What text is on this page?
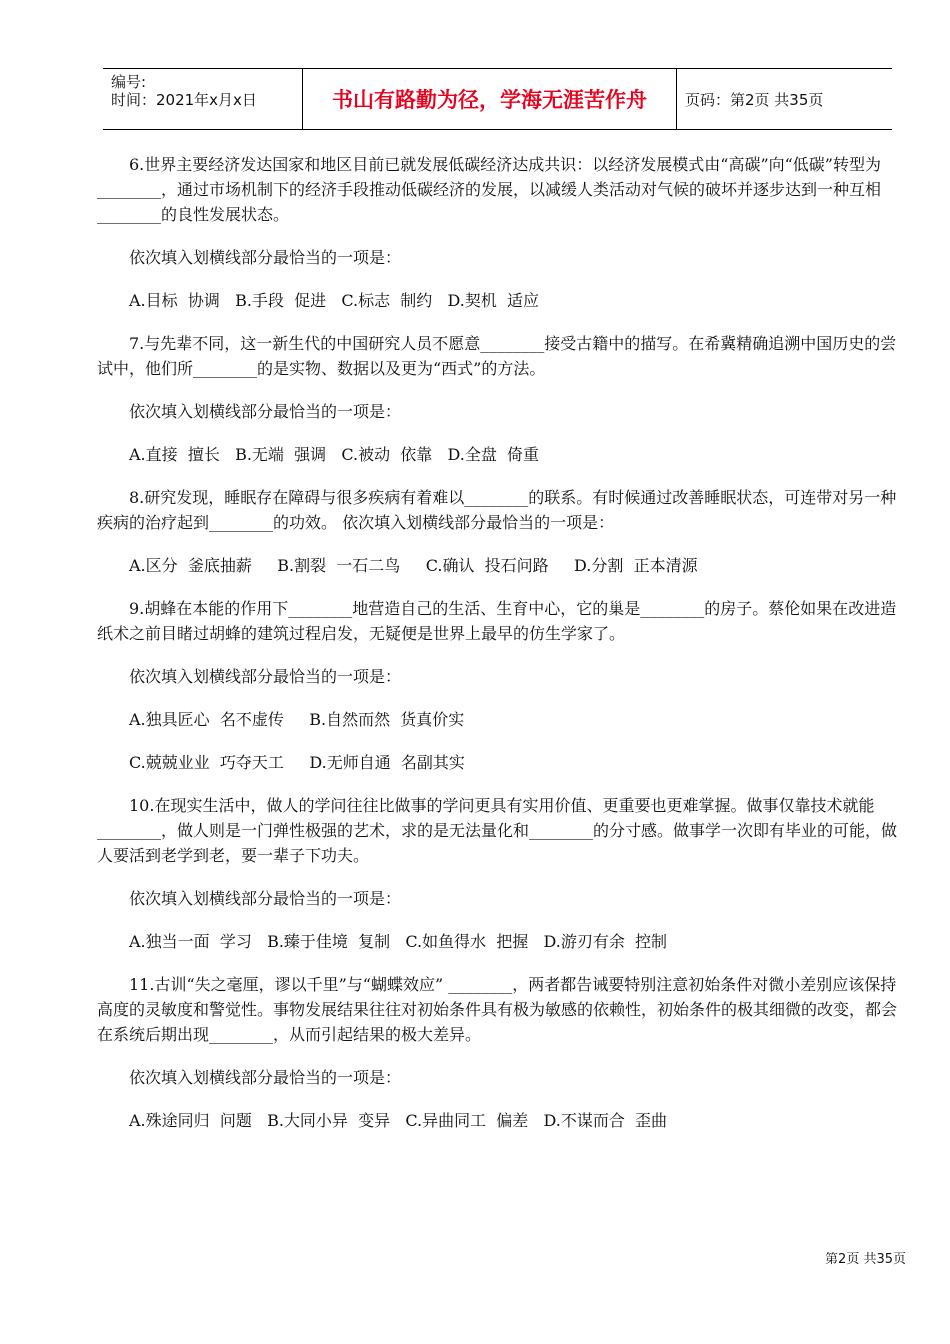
编号:
时间：2021年x月x日	书山有路勤为径，学海无涯苦作舟	页码：第2页 共35页

6.世界主要经济发达国家和地区目前已就发展低碳经济达成共识：以经济发展模式由“高碳”向“低碳”转型为________，通过市场机制下的经济手段推动低碳经济的发展，以减缓人类活动对气候的破坏并逐步达到一种互相________的良性发展状态。

依次填入划横线部分最恰当的一项是：

A.目标  协调   B.手段  促进   C.标志  制约   D.契机  适应

7.与先辈不同，这一新生代的中国研究人员不愿意________接受古籍中的描写。在希冀精确追溯中国历史的尝试中，他们所________的是实物、数据以及更为“西式”的方法。

依次填入划横线部分最恰当的一项是：

A.直接  擅长   B.无端  强调   C.被动  依靠   D.全盘  倚重

8.研究发现，睡眠存在障碍与很多疾病有着难以________的联系。有时候通过改善睡眠状态，可连带对另一种疾病的治疗起到________的功效。 依次填入划横线部分最恰当的一项是：

A.区分  釜底抽薪     B.割裂  一石二鸟     C.确认  投石问路     D.分割  正本清源

9.胡蜂在本能的作用下________地营造自己的生活、生育中心，它的巢是________的房子。蔡伦如果在改进造纸术之前目睹过胡蜂的建筑过程启发，无疑便是世界上最早的仿生学家了。

依次填入划横线部分最恰当的一项是：

A.独具匠心  名不虚传     B.自然而然  货真价实

C.兢兢业业  巧夺天工     D.无师自通  名副其实

10.在现实生活中，做人的学问往往比做事的学问更具有实用价值、更重要也更难掌握。做事仅靠技术就能________，做人则是一门弹性极强的艺术，求的是无法量化和________的分寸感。做事学一次即有毕业的可能，做人要活到老学到老，要一辈子下功夫。

依次填入划横线部分最恰当的一项是：

A.独当一面  学习   B.臻于佳境  复制   C.如鱼得水  把握   D.游刃有余  控制

11.古训“失之毫厘，谬以千里”与“蝴蝶效应” ________，两者都告诫要特别注意初始条件对微小差别应该保持高度的灵敏度和警觉性。事物发展结果往往对初始条件具有极为敏感的依赖性，初始条件的极其细微的改变，都会在系统后期出现________，从而引起结果的极大差异。

依次填入划横线部分最恰当的一项是：

A.殊途同归  问题   B.大同小异  变异   C.异曲同工  偏差   D.不谋而合  歪曲

第2页 共35页
